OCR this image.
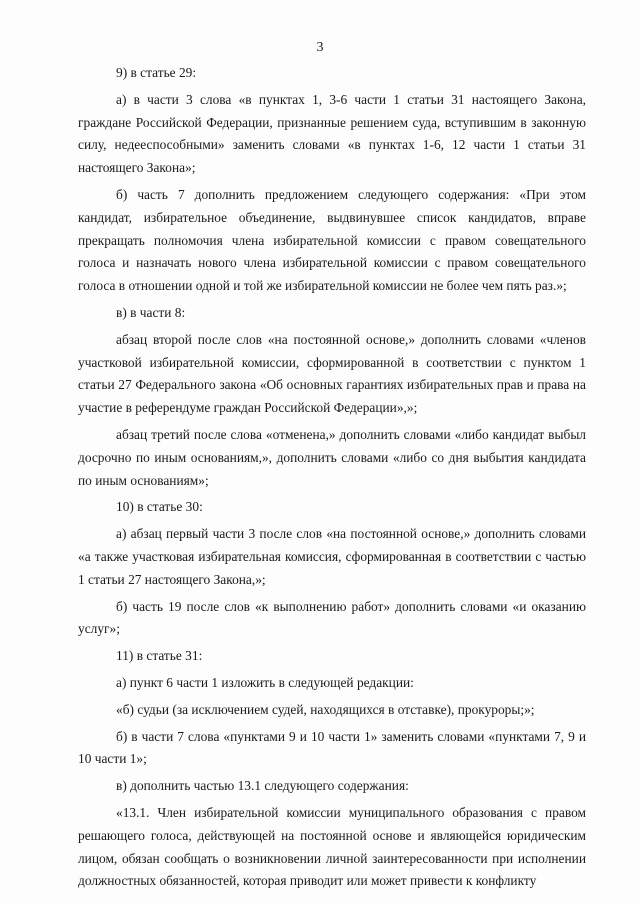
3

9) в статье 29:

а) в части 3 слова «в пунктах 1, 3-6 части 1 статьи 31 настоящего Закона, граждане Российской Федерации, признанные решением суда, вступившим в законную силу, недееспособными» заменить словами «в пунктах 1-6, 12 части 1 статьи 31 настоящего Закона»;

б) часть 7 дополнить предложением следующего содержания: «При этом кандидат, избирательное объединение, выдвинувшее список кандидатов, вправе прекращать полномочия члена избирательной комиссии с правом совещательного голоса и назначать нового члена избирательной комиссии с правом совещательного голоса в отношении одной и той же избирательной комиссии не более чем пять раз.»;

в) в части 8:

абзац второй после слов «на постоянной основе,» дополнить словами «членов участковой избирательной комиссии, сформированной в соответствии с пунктом 1 статьи 27 Федерального закона «Об основных гарантиях избирательных прав и права на участие в референдуме граждан Российской Федерации»,»;

абзац третий после слова «отменена,» дополнить словами «либо кандидат выбыл досрочно по иным основаниям,», дополнить словами «либо со дня выбытия кандидата по иным основаниям»;

10) в статье 30:

а) абзац первый части 3 после слов «на постоянной основе,» дополнить словами «а также участковая избирательная комиссия, сформированная в соответствии с частью 1 статьи 27 настоящего Закона,»;

б) часть 19 после слов «к выполнению работ» дополнить словами «и оказанию услуг»;

11) в статье 31:

а) пункт 6 части 1 изложить в следующей редакции:

«б) судьи (за исключением судей, находящихся в отставке), прокуроры;»;

б) в части 7 слова «пунктами 9 и 10 части 1» заменить словами «пунктами 7, 9 и 10 части 1»;

в) дополнить частью 13.1 следующего содержания:

«13.1. Член избирательной комиссии муниципального образования с правом решающего голоса, действующей на постоянной основе и являющейся юридическим лицом, обязан сообщать о возникновении личной заинтересованности при исполнении должностных обязанностей, которая приводит или может привести к конфликту
